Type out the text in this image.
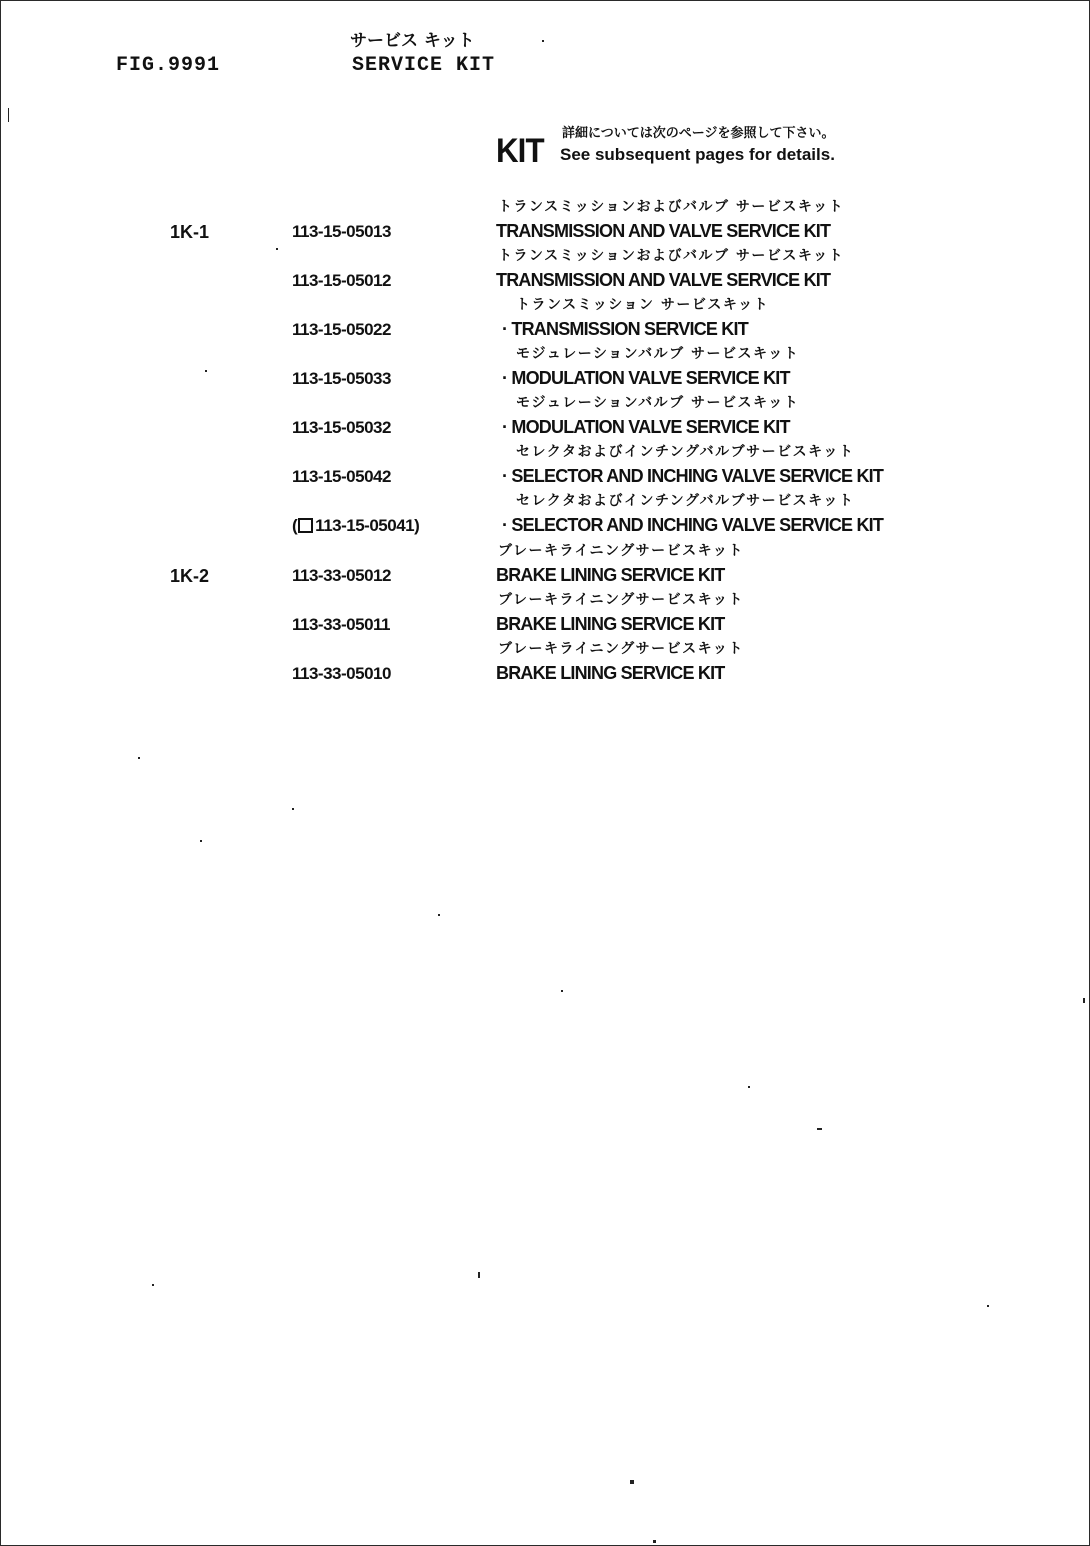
FIG.9991
サービス キット
SERVICE KIT
KIT 詳細については次のページを参照して下さい。
See subsequent pages for details.
1K-1	113-15-05013
トランスミッションおよびバルブ サービスキット
TRANSMISSION AND VALVE SERVICE KIT
113-15-05012
トランスミッションおよびバルブ サービスキット
TRANSMISSION AND VALVE SERVICE KIT
113-15-05022
トランスミッション サービスキット
· TRANSMISSION SERVICE KIT
113-15-05033
モジュレーションバルブ サービスキット
· MODULATION VALVE SERVICE KIT
113-15-05032
モジュレーションバルブ サービスキット
· MODULATION VALVE SERVICE KIT
113-15-05042
セレクタおよびインチングバルブサービスキット
· SELECTOR AND INCHING VALVE SERVICE KIT
( 113-15-05041 )
セレクタおよびインチングバルブサービスキット
· SELECTOR AND INCHING VALVE SERVICE KIT
1K-2	113-33-05012
ブレーキライニングサービスキット
BRAKE LINING SERVICE KIT
113-33-05011
ブレーキライニングサービスキット
BRAKE LINING SERVICE KIT
113-33-05010
ブレーキライニングサービスキット
BRAKE LINING SERVICE KIT
